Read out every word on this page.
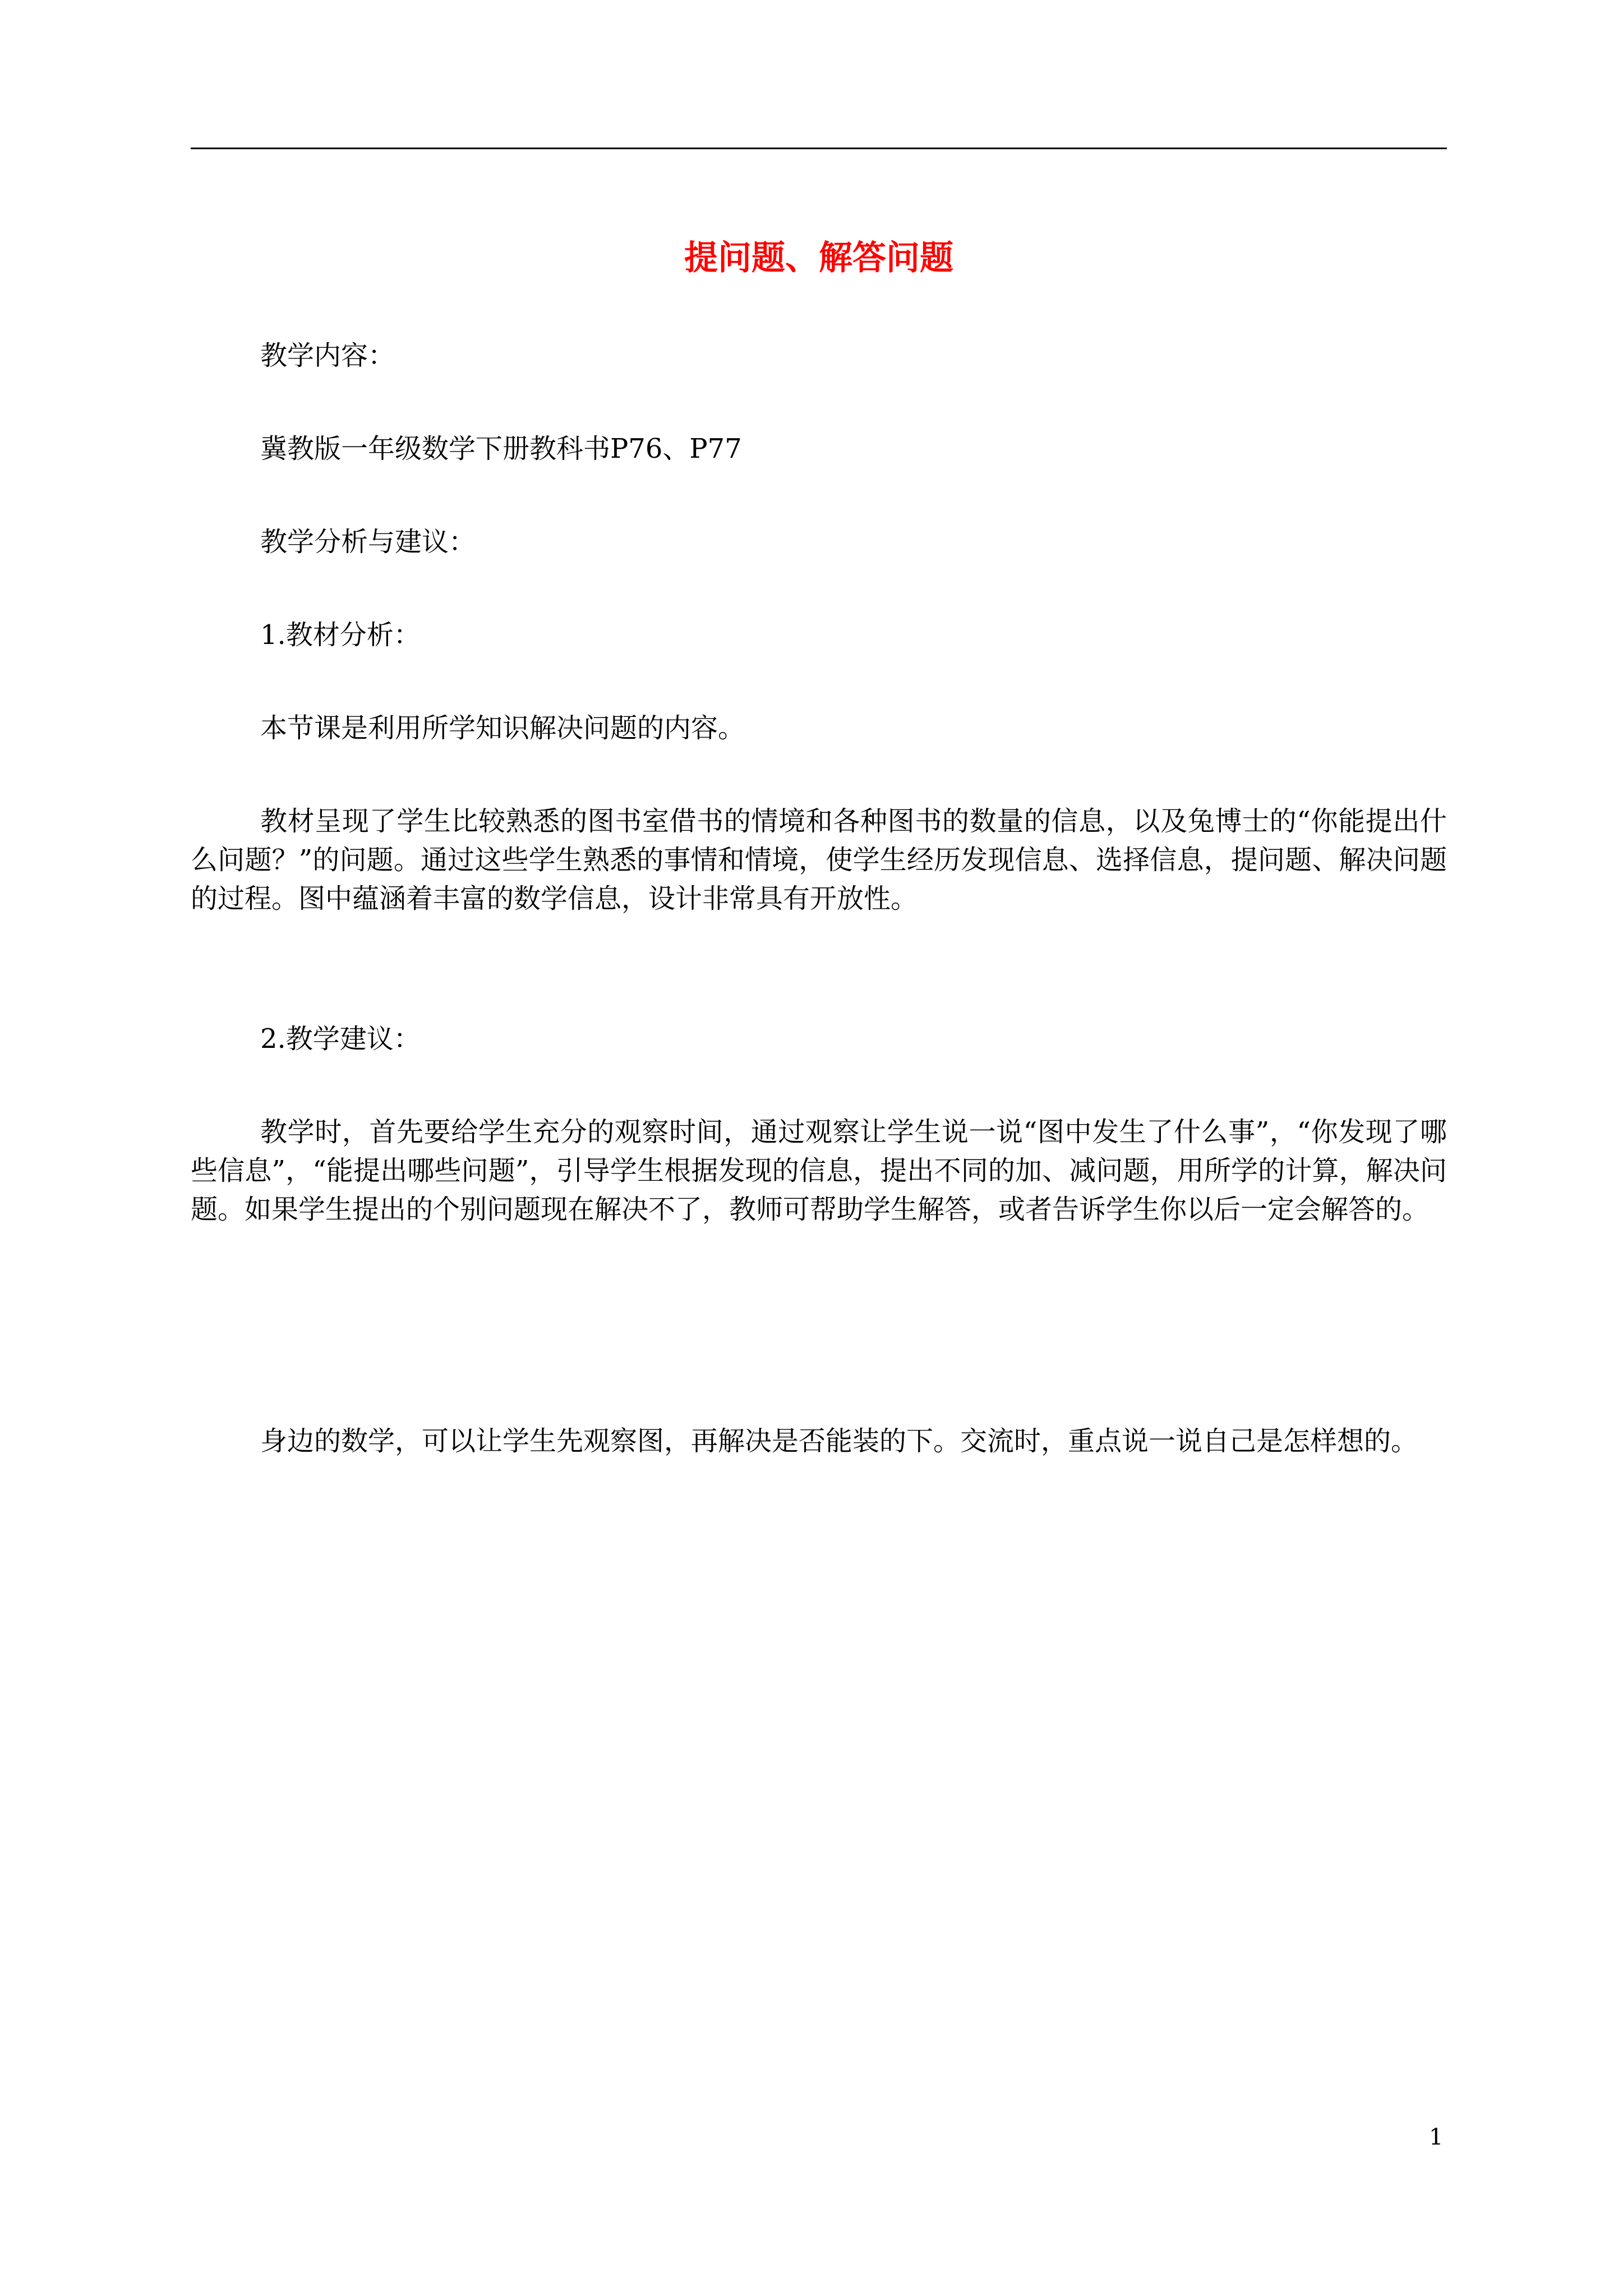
提问题、解答问题

教学内容：

冀教版一年级数学下册教科书P76、P77

教学分析与建议：

1.教材分析：

本节课是利用所学知识解决问题的内容。

教材呈现了学生比较熟悉的图书室借书的情境和各种图书的数量的信息，以及兔博士的“你能提出什么问题？”的问题。通过这些学生熟悉的事情和情境，使学生经历发现信息、选择信息，提问题、解决问题的过程。图中蕴涵着丰富的数学信息，设计非常具有开放性。

2.教学建议：

教学时，首先要给学生充分的观察时间，通过观察让学生说一说“图中发生了什么事”，“你发现了哪些信息”，“能提出哪些问题”，引导学生根据发现的信息，提出不同的加、减问题，用所学的计算，解决问题。如果学生提出的个别问题现在解决不了，教师可帮助学生解答，或者告诉学生你以后一定会解答的。

身边的数学，可以让学生先观察图，再解决是否能装的下。交流时，重点说一说自己是怎样想的。

1
